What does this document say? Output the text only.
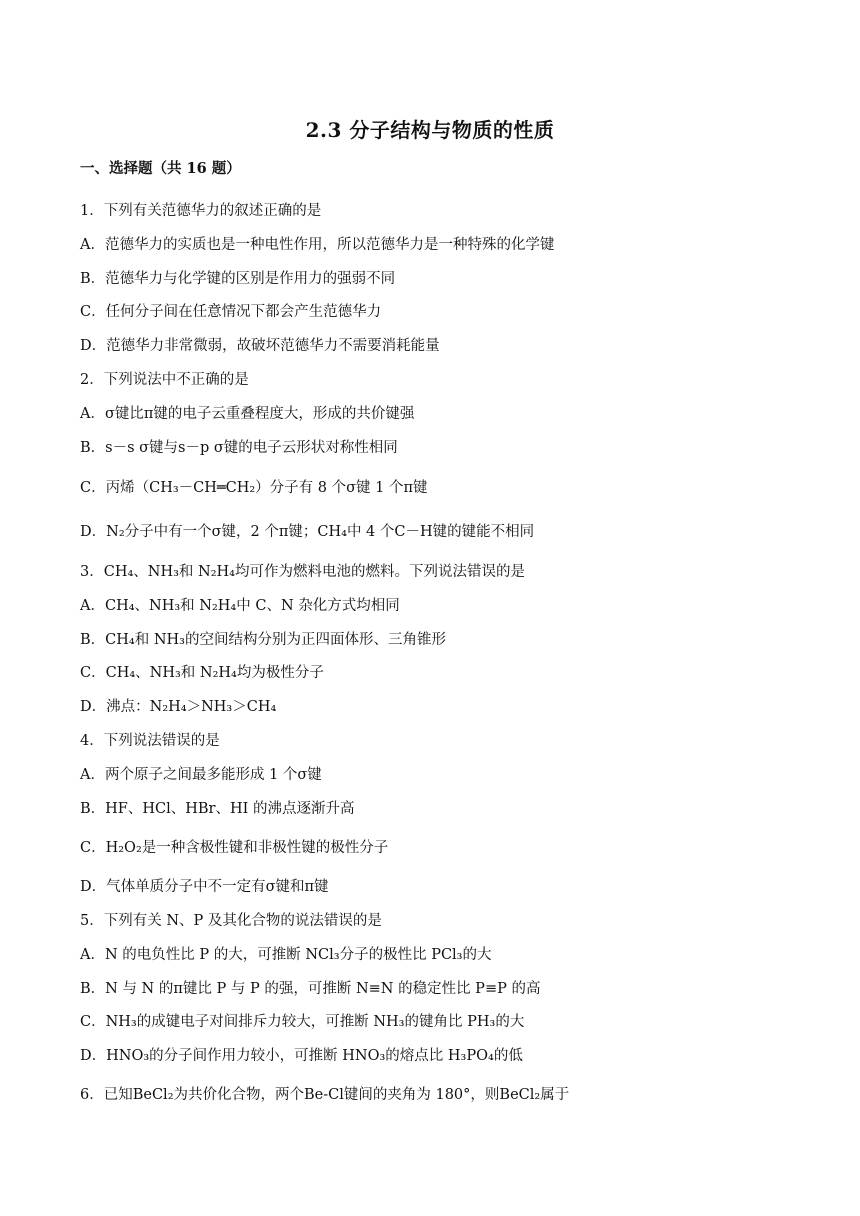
2.3 分子结构与物质的性质
一、选择题（共 16 题）
1．下列有关范德华力的叙述正确的是
A．范德华力的实质也是一种电性作用，所以范德华力是一种特殊的化学键
B．范德华力与化学键的区别是作用力的强弱不同
C．任何分子间在任意情况下都会产生范德华力
D．范德华力非常微弱，故破坏范德华力不需要消耗能量
2．下列说法中不正确的是
A．σ键比π键的电子云重叠程度大，形成的共价键强
B．s－s σ键与s－p σ键的电子云形状对称性相同
C．丙烯（CH₃－CH═CH₂）分子有 8 个σ键 1 个π键
D．N₂分子中有一个σ键，2 个π键；CH₄中 4 个C－H键的键能不相同
3．CH₄、NH₃和 N₂H₄均可作为燃料电池的燃料。下列说法错误的是
A．CH₄、NH₃和 N₂H₄中 C、N 杂化方式均相同
B．CH₄和 NH₃的空间结构分别为正四面体形、三角锥形
C．CH₄、NH₃和 N₂H₄均为极性分子
D．沸点：N₂H₄＞NH₃＞CH₄
4．下列说法错误的是
A．两个原子之间最多能形成 1 个σ键
B．HF、HCl、HBr、HI 的沸点逐渐升高
C．H₂O₂是一种含极性键和非极性键的极性分子
D．气体单质分子中不一定有σ键和π键
5．下列有关 N、P 及其化合物的说法错误的是
A．N 的电负性比 P 的大，可推断 NCl₃分子的极性比 PCl₃的大
B．N 与 N 的π键比 P 与 P 的强，可推断 N≡N 的稳定性比 P≡P 的高
C．NH₃的成键电子对间排斥力较大，可推断 NH₃的键角比 PH₃的大
D．HNO₃的分子间作用力较小，可推断 HNO₃的熔点比 H₃PO₄的低
6．已知BeCl₂为共价化合物，两个Be-Cl键间的夹角为 180°，则BeCl₂属于
